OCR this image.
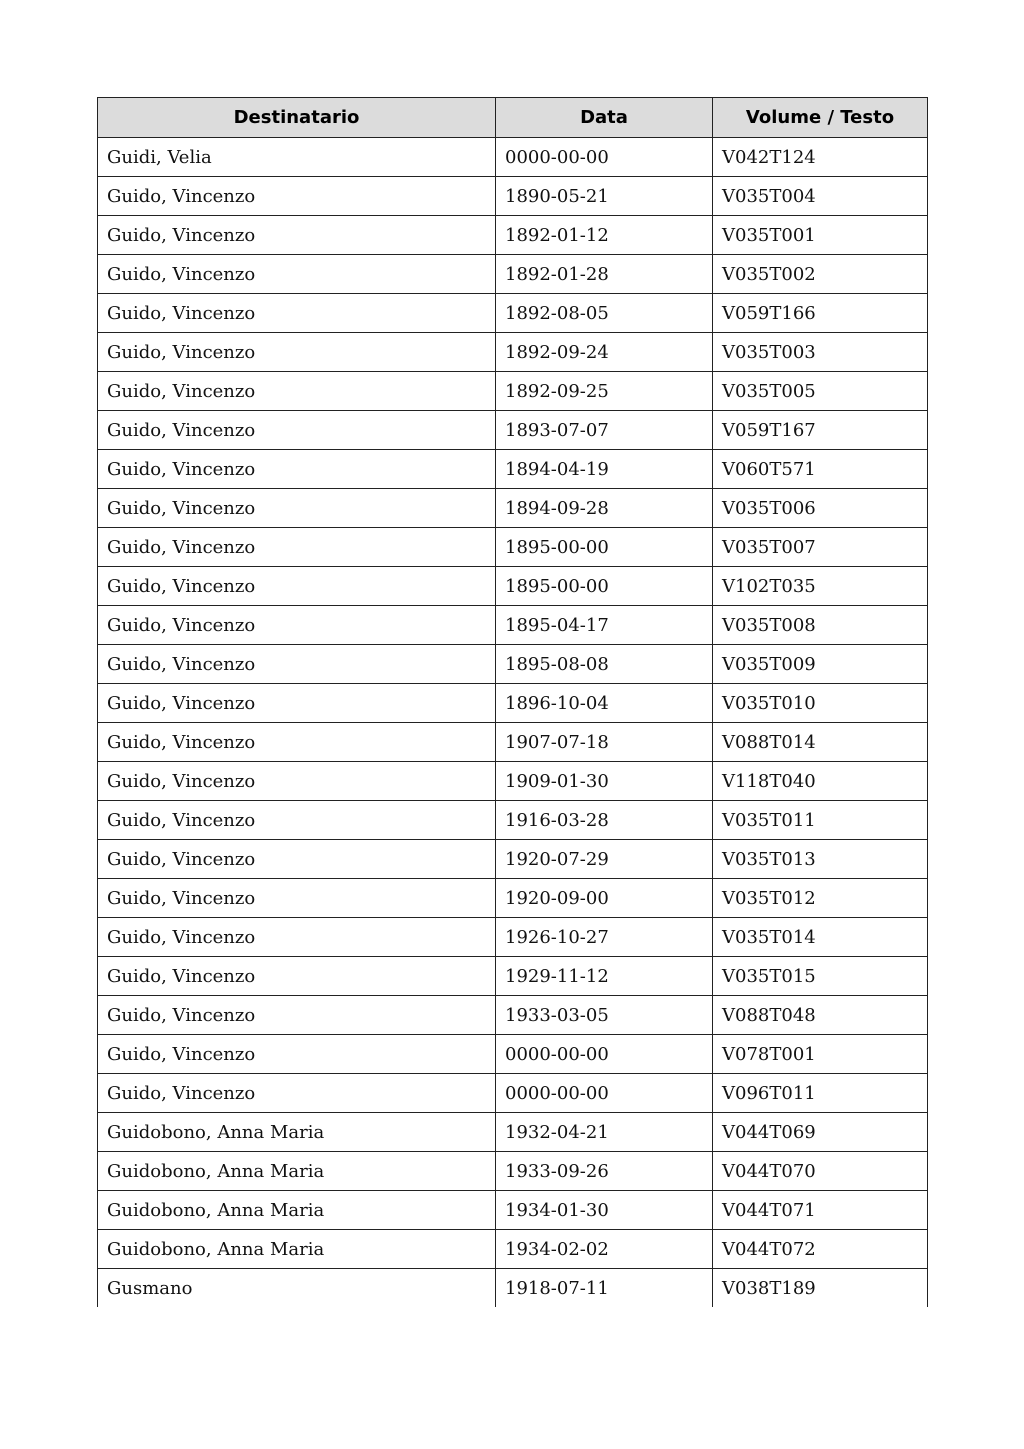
Destinatario	Data	Volume / Testo
Guidi, Velia	0000-00-00	V042T124
Guido, Vincenzo	1890-05-21	V035T004
Guido, Vincenzo	1892-01-12	V035T001
Guido, Vincenzo	1892-01-28	V035T002
Guido, Vincenzo	1892-08-05	V059T166
Guido, Vincenzo	1892-09-24	V035T003
Guido, Vincenzo	1892-09-25	V035T005
Guido, Vincenzo	1893-07-07	V059T167
Guido, Vincenzo	1894-04-19	V060T571
Guido, Vincenzo	1894-09-28	V035T006
Guido, Vincenzo	1895-00-00	V035T007
Guido, Vincenzo	1895-00-00	V102T035
Guido, Vincenzo	1895-04-17	V035T008
Guido, Vincenzo	1895-08-08	V035T009
Guido, Vincenzo	1896-10-04	V035T010
Guido, Vincenzo	1907-07-18	V088T014
Guido, Vincenzo	1909-01-30	V118T040
Guido, Vincenzo	1916-03-28	V035T011
Guido, Vincenzo	1920-07-29	V035T013
Guido, Vincenzo	1920-09-00	V035T012
Guido, Vincenzo	1926-10-27	V035T014
Guido, Vincenzo	1929-11-12	V035T015
Guido, Vincenzo	1933-03-05	V088T048
Guido, Vincenzo	0000-00-00	V078T001
Guido, Vincenzo	0000-00-00	V096T011
Guidobono, Anna Maria	1932-04-21	V044T069
Guidobono, Anna Maria	1933-09-26	V044T070
Guidobono, Anna Maria	1934-01-30	V044T071
Guidobono, Anna Maria	1934-02-02	V044T072
Gusmano	1918-07-11	V038T189
